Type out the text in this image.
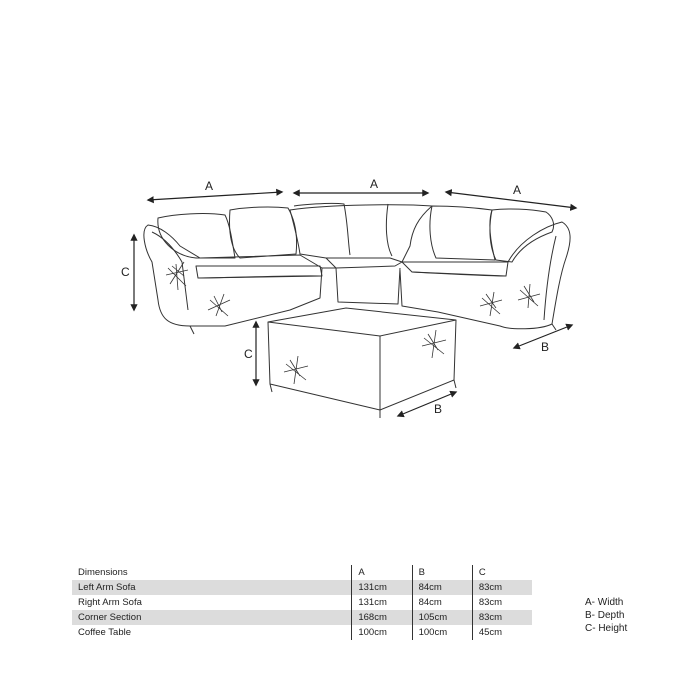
A	A	A
C
B
C
B
Dimensions	A	B	C
Left Arm Sofa	131cm	84cm	83cm
Right Arm Sofa	131cm	84cm	83cm
Corner Section	168cm	105cm	83cm
Coffee Table	100cm	100cm	45cm
A- Width
B- Depth
C- Height
